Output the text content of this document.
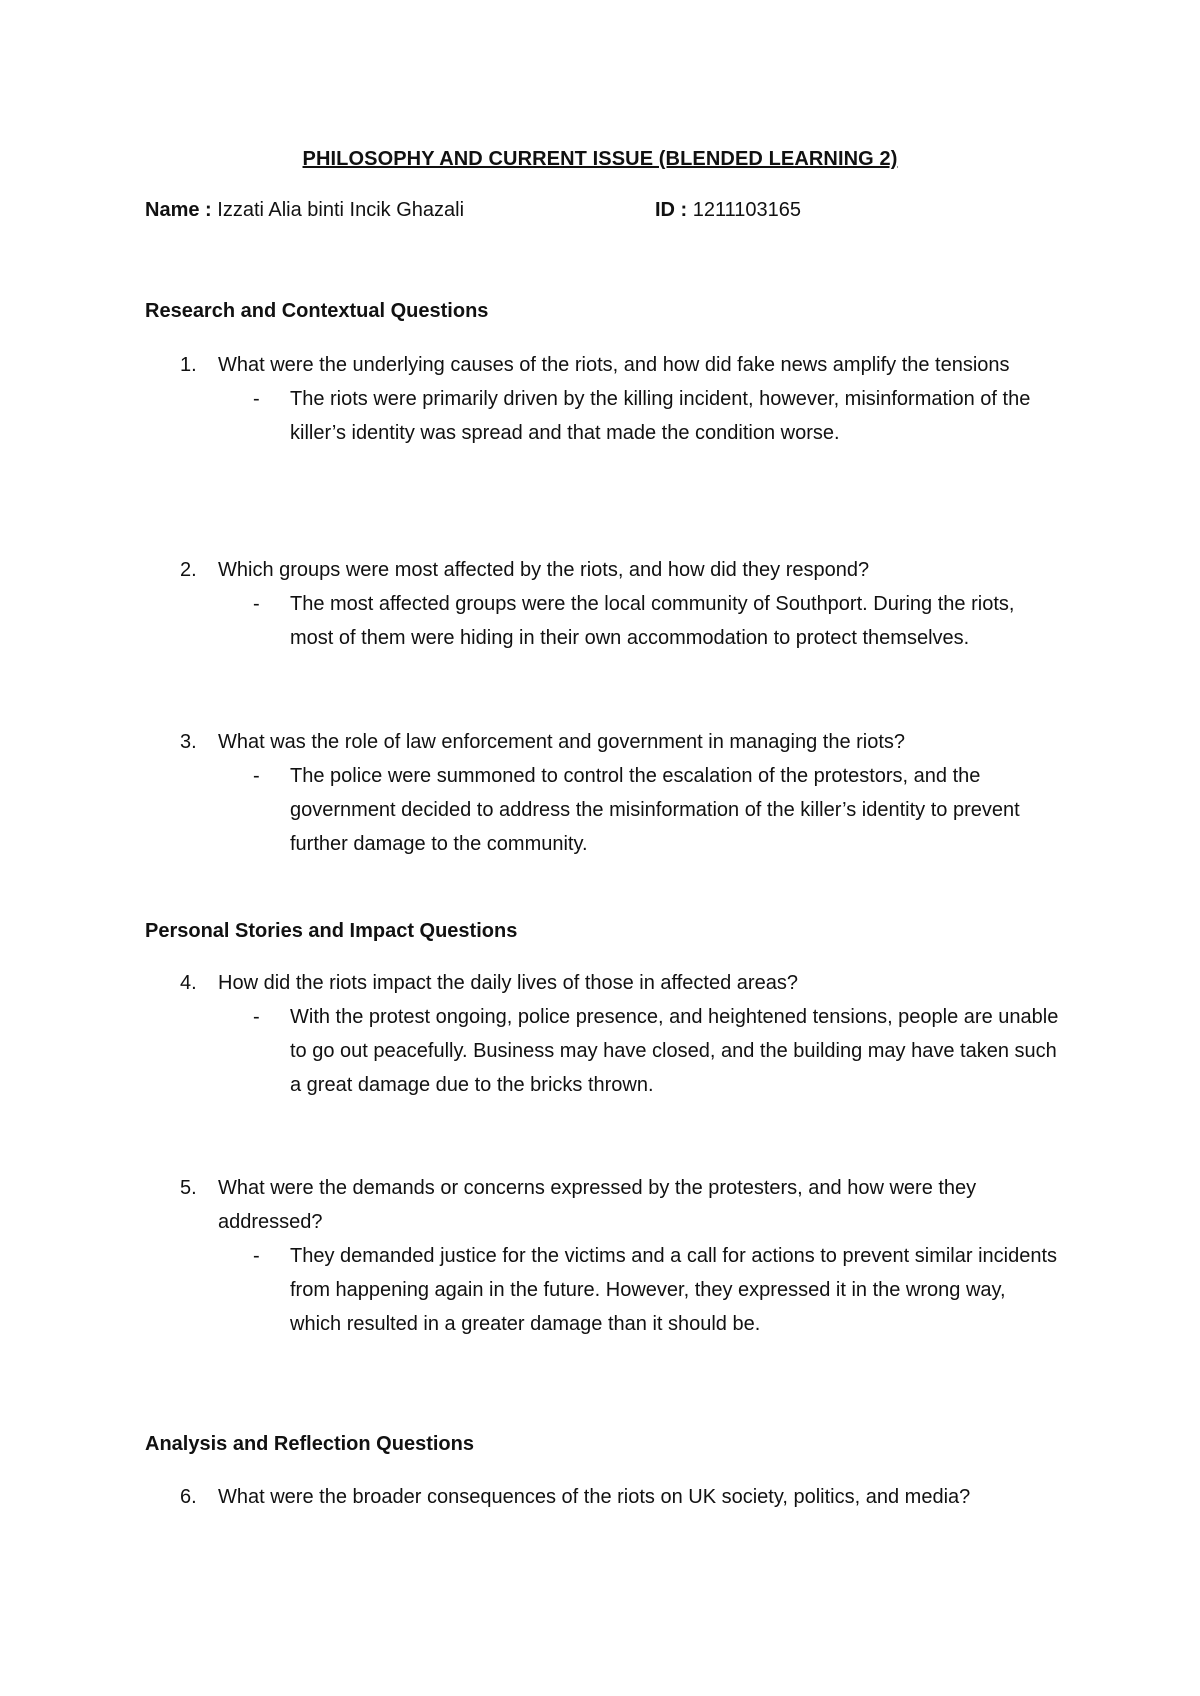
PHILOSOPHY AND CURRENT ISSUE (BLENDED LEARNING 2)
Name : Izzati Alia binti Incik Ghazali	ID : 1211103165
Research and Contextual Questions
1. What were the underlying causes of the riots, and how did fake news amplify the tensions
- The riots were primarily driven by the killing incident, however, misinformation of the killer’s identity was spread and that made the condition worse.
2. Which groups were most affected by the riots, and how did they respond?
- The most affected groups were the local community of Southport. During the riots, most of them were hiding in their own accommodation to protect themselves.
3. What was the role of law enforcement and government in managing the riots?
- The police were summoned to control the escalation of the protestors, and the government decided to address the misinformation of the killer’s identity to prevent further damage to the community.
Personal Stories and Impact Questions
4. How did the riots impact the daily lives of those in affected areas?
- With the protest ongoing, police presence, and heightened tensions, people are unable to go out peacefully. Business may have closed, and the building may have taken such a great damage due to the bricks thrown.
5. What were the demands or concerns expressed by the protesters, and how were they addressed?
- They demanded justice for the victims and a call for actions to prevent similar incidents from happening again in the future. However, they expressed it in the wrong way, which resulted in a greater damage than it should be.
Analysis and Reflection Questions
6. What were the broader consequences of the riots on UK society, politics, and media?
